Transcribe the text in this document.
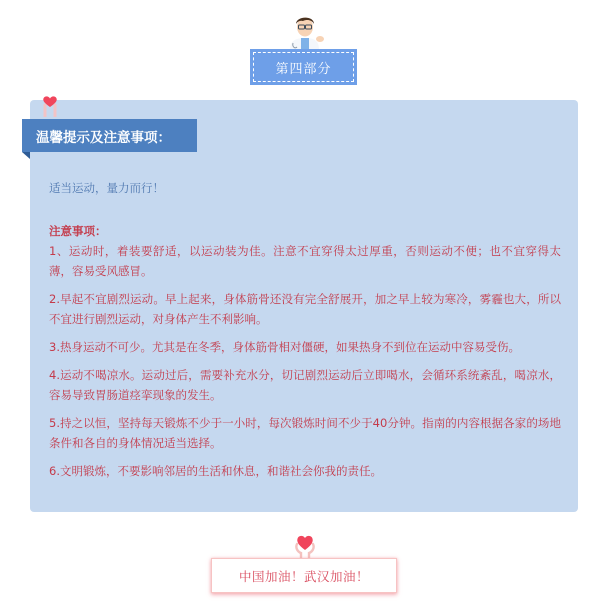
第四部分
温馨提示及注意事项：
适当运动，量力而行！
注意事项：
1、运动时，着装要舒适，以运动装为佳。注意不宜穿得太过厚重，否则运动不便；也不宜穿得太薄，容易受风感冒。
2.早起不宜剧烈运动。早上起来，身体筋骨还没有完全舒展开，加之早上较为寒冷，雾霾也大，所以不宜进行剧烈运动，对身体产生不利影响。
3.热身运动不可少。尤其是在冬季，身体筋骨相对僵硬，如果热身不到位在运动中容易受伤。
4.运动不喝凉水。运动过后，需要补充水分，切记剧烈运动后立即喝水，会循环系统紊乱，喝凉水，容易导致胃肠道痉挛现象的发生。
5.持之以恒，坚持每天锻炼不少于一小时，每次锻炼时间不少于40分钟。指南的内容根据各家的场地条件和各自的身体情况适当选择。
6.文明锻炼，不要影响邻居的生活和休息，和谐社会你我的责任。
中国加油！武汉加油！
